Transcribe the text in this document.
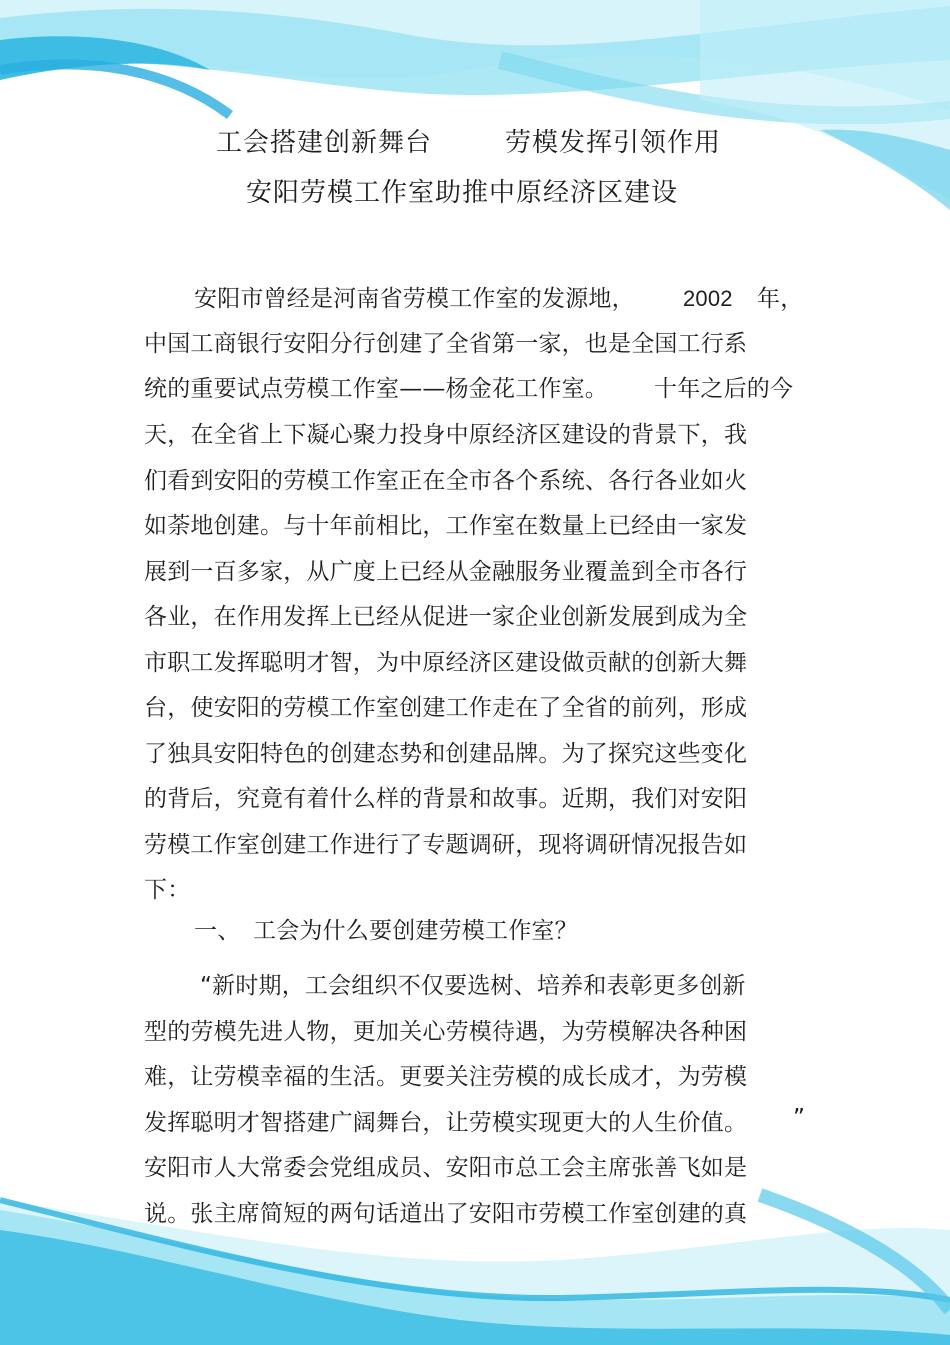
工会搭建创新舞台	劳模发挥引领作用
安阳劳模工作室助推中原经济区建设
安阳市曾经是河南省劳模工作室的发源地， 2002 年，
中国工商银行安阳分行创建了全省第一家，也是全国工行系
统的重要试点劳模工作室——杨金花工作室。 十年之后的今
天，在全省上下凝心聚力投身中原经济区建设的背景下，我
们看到安阳的劳模工作室正在全市各个系统、各行各业如火
如荼地创建。与十年前相比，工作室在数量上已经由一家发
展到一百多家，从广度上已经从金融服务业覆盖到全市各行
各业，在作用发挥上已经从促进一家企业创新发展到成为全
市职工发挥聪明才智，为中原经济区建设做贡献的创新大舞
台，使安阳的劳模工作室创建工作走在了全省的前列，形成
了独具安阳特色的创建态势和创建品牌。为了探究这些变化
的背后，究竟有着什么样的背景和故事。近期，我们对安阳
劳模工作室创建工作进行了专题调研，现将调研情况报告如
下：
一、 工会为什么要创建劳模工作室？
“新时期，工会组织不仅要选树、培养和表彰更多创新
型的劳模先进人物，更加关心劳模待遇，为劳模解决各种困
难，让劳模幸福的生活。更要关注劳模的成长成才，为劳模
发挥聪明才智搭建广阔舞台，让劳模实现更大的人生价值。 ”
安阳市人大常委会党组成员、安阳市总工会主席张善飞如是
说。张主席简短的两句话道出了安阳市劳模工作室创建的真
